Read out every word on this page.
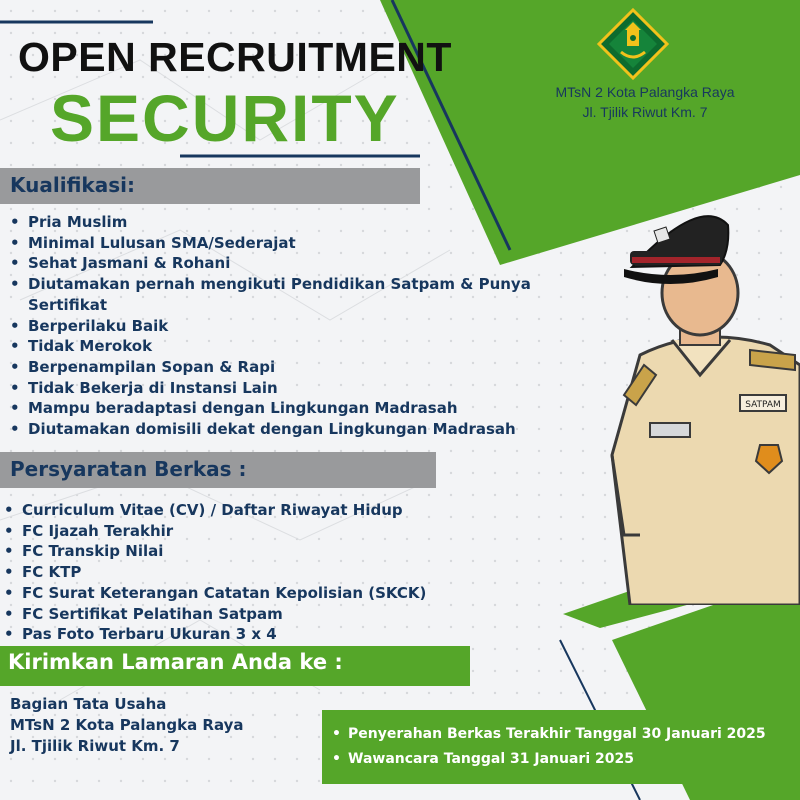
OPEN RECRUITMENT
SECURITY	MTsN 2 Kota Palangka Raya
Jl. Tjilik Riwut Km. 7
Kualifikasi:
• Pria Muslim
• Minimal Lulusan SMA/Sederajat
• Sehat Jasmani & Rohani
• Diutamakan pernah mengikuti Pendidikan Satpam & Punya Sertifikat
• Berperilaku Baik
• Tidak Merokok
• Berpenampilan Sopan & Rapi
• Tidak Bekerja di Instansi Lain
• Mampu beradaptasi dengan Lingkungan Madrasah
• Diutamakan domisili dekat dengan Lingkungan Madrasah
Persyaratan Berkas :
• Curriculum Vitae (CV) / Daftar Riwayat Hidup
• FC Ijazah Terakhir
• FC Transkip Nilai
• FC KTP
• FC Surat Keterangan Catatan Kepolisian (SKCK)
• FC Sertifikat Pelatihan Satpam
• Pas Foto Terbaru Ukuran 3 x 4
Kirimkan Lamaran Anda ke :
Bagian Tata Usaha
MTsN 2 Kota Palangka Raya
Jl. Tjilik Riwut Km. 7
• Penyerahan Berkas Terakhir Tanggal 30 Januari 2025
• Wawancara Tanggal 31 Januari 2025
SATPAM
